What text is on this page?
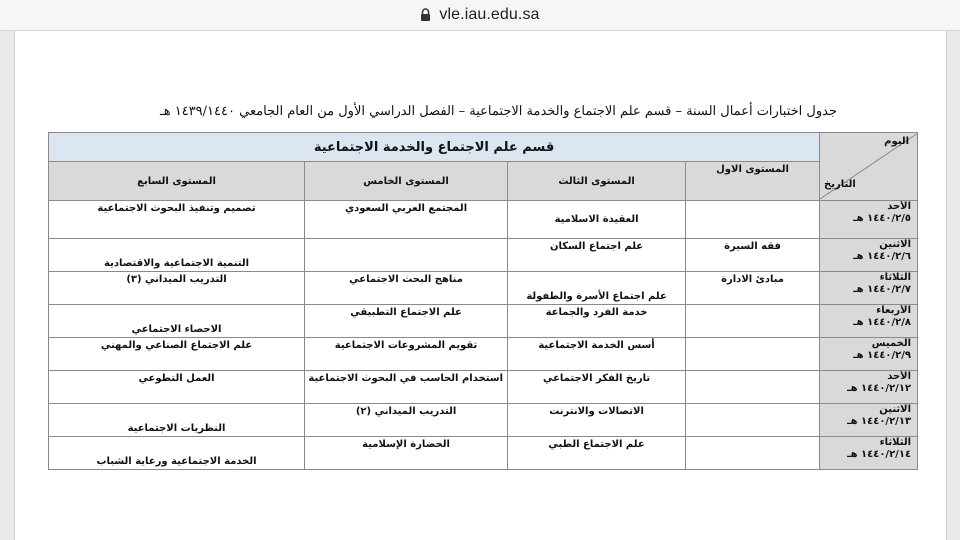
vle.iau.edu.sa
جدول اختبارات أعمال السنة – قسم علم الاجتماع والخدمة الاجتماعية – الفصل الدراسي الأول من العام الجامعي ١٤٣٩/١٤٤٠ هـ
اليوم
التاريخ	قسم علم الاجتماع والخدمة الاجتماعية			
	المستوى الاول	المستوى الثالث	المستوى الخامس	المستوى السابع

الأحد
١٤٤٠/٢/٥ هـ		العقيدة الاسلامية	المجتمع العربي السعودي	تصميم وتنفيذ البحوث الاجتماعية

الاثنين
١٤٤٠/٢/٦ هـ	فقه السيرة	علم اجتماع السكان		التنمية الاجتماعية والاقتصادية

الثلاثاء
١٤٤٠/٢/٧ هـ	مبادئ الادارة	علم اجتماع الأسرة والطفولة	مناهج البحث الاجتماعي	التدريب الميداني (٣)

الأربعاء
١٤٤٠/٢/٨ هـ		خدمة الفرد والجماعة	علم الاجتماع التطبيقي	الاحصاء الاجتماعي

الخميس
١٤٤٠/٢/٩ هـ		أسس الخدمة الاجتماعية	تقويم المشروعات الاجتماعية	علم الاجتماع الصناعي والمهني

الأحد
١٤٤٠/٢/١٢ هـ		تاريخ الفكر الاجتماعي	استخدام الحاسب في البحوث الاجتماعية	العمل التطوعي

الاثنين
١٤٤٠/٢/١٣ هـ		الاتصالات والانترنت	التدريب الميداني (٢)	النظريات الاجتماعية

الثلاثاء
١٤٤٠/٢/١٤ هـ		علم الاجتماع الطبي	الحضارة الإسلامية	الخدمة الاجتماعية ورعاية الشباب
